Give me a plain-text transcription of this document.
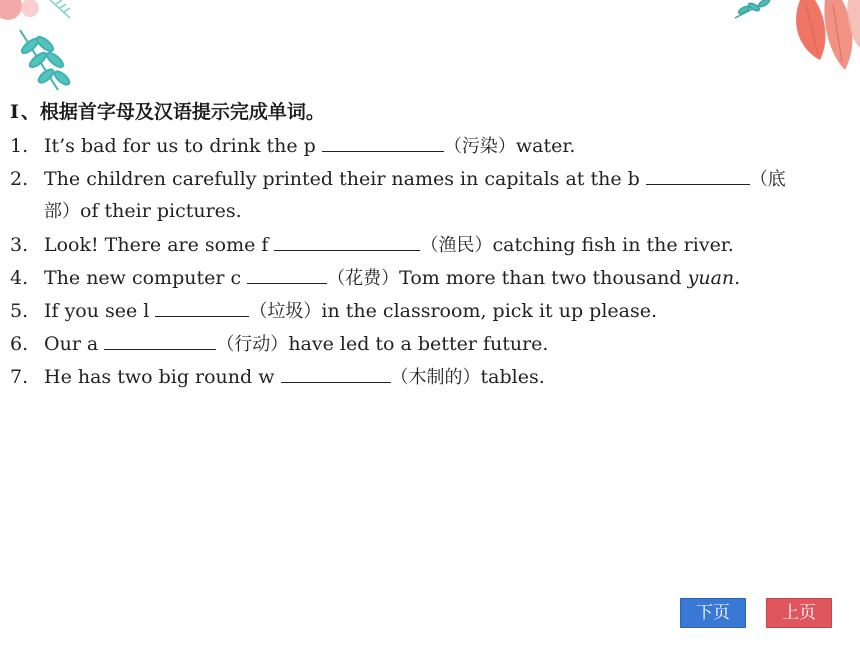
Ⅰ 、根据首字母及汉语提示完成单词。
1. It’s bad for us to drink the p	（污染）water.
2. The children carefully printed their names in capitals at the b	（底
部）of their pictures.
3. Look! There are some f	（渔民）catching fish in the river.
4. The new computer c	（花费）Tom more than two thousand yuan.
5. If you see l	（垃圾）in the classroom, pick it up please.
6. Our a	（行动）have led to a better future.
7. He has two big round w	（木制的）tables.
下页	上页
